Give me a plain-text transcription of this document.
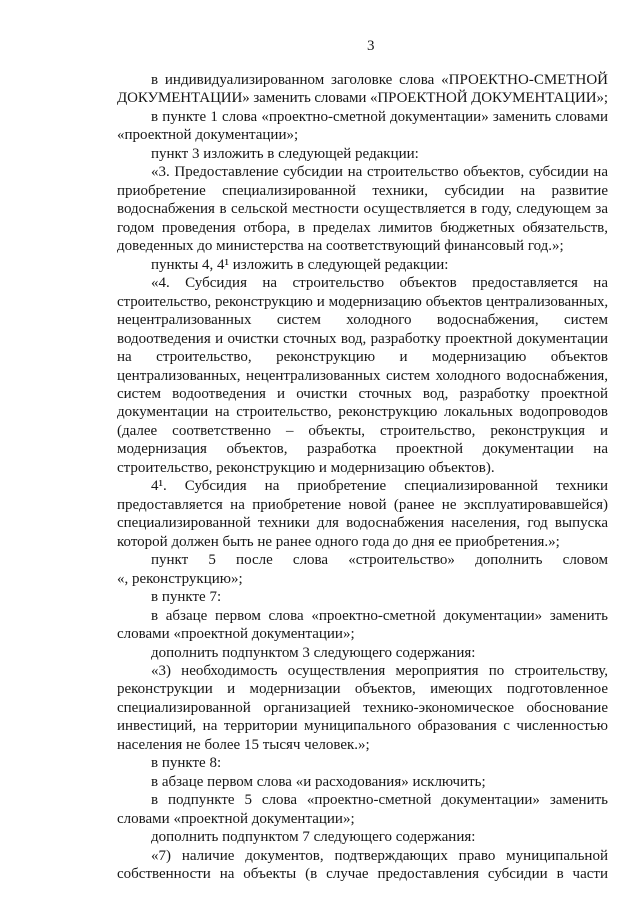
3
в индивидуализированном заголовке слова «ПРОЕКТНО-СМЕТНОЙ
ДОКУМЕНТАЦИИ» заменить словами «ПРОЕКТНОЙ ДОКУМЕНТАЦИИ»;
в пункте 1 слова «проектно-сметной документации» заменить словами
«проектной документации»;
пункт 3 изложить в следующей редакции:
«3. Предоставление субсидии на строительство объектов, субсидии на
приобретение специализированной техники, субсидии на развитие
водоснабжения в сельской местности осуществляется в году, следующем за
годом проведения отбора, в пределах лимитов бюджетных обязательств,
доведенных до министерства на соответствующий финансовый год.»;
пункты 4, 4¹ изложить в следующей редакции:
«4. Субсидия на строительство объектов предоставляется на
строительство, реконструкцию и модернизацию объектов централизованных,
нецентрализованных систем холодного водоснабжения, систем
водоотведения и очистки сточных вод, разработку проектной документации
на строительство, реконструкцию и модернизацию объектов
централизованных, нецентрализованных систем холодного водоснабжения,
систем водоотведения и очистки сточных вод, разработку проектной
документации на строительство, реконструкцию локальных водопроводов
(далее соответственно – объекты, строительство, реконструкция и
модернизация объектов, разработка проектной документации на
строительство, реконструкцию и модернизацию объектов).
4¹. Субсидия на приобретение специализированной техники
предоставляется на приобретение новой (ранее не эксплуатировавшейся)
специализированной техники для водоснабжения населения, год выпуска
которой должен быть не ранее одного года до дня ее приобретения.»;
пункт 5 после слова «строительство» дополнить словом
«, реконструкцию»;
в пункте 7:
в абзаце первом слова «проектно-сметной документации» заменить
словами «проектной документации»;
дополнить подпунктом 3 следующего содержания:
«3) необходимость осуществления мероприятия по строительству,
реконструкции и модернизации объектов, имеющих подготовленное
специализированной организацией технико-экономическое обоснование
инвестиций, на территории муниципального образования с численностью
населения не более 15 тысяч человек.»;
в пункте 8:
в абзаце первом слова «и расходования» исключить;
в подпункте 5 слова «проектно-сметной документации» заменить
словами «проектной документации»;
дополнить подпунктом 7 следующего содержания:
«7) наличие документов, подтверждающих право муниципальной
собственности на объекты (в случае предоставления субсидии в части
